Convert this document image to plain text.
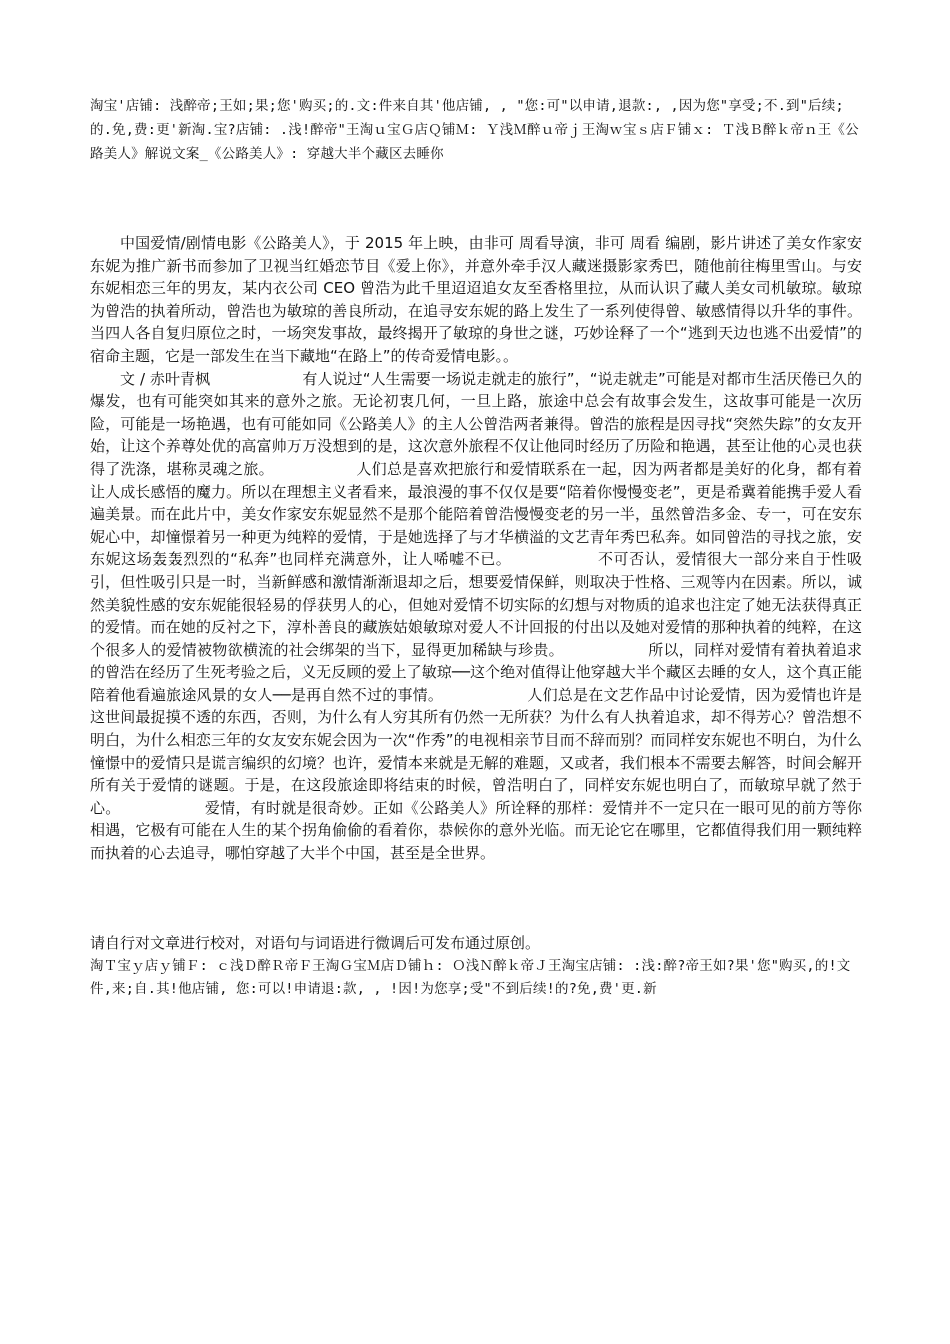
淘宝'店铺: 浅醉帝;王如;果;您'购买;的.文:件来自其'他店铺, , "您:可"以申请,退款:, ,因为您"享受;不.到"后续;的.免,费:更'新淘.宝?店铺: .浅!醉帝"王淘ｕ宝Ｇ店Ｑ铺Ｍ: Ｙ浅Ｍ醉ｕ帝ｊ王淘ｗ宝ｓ店Ｆ铺ｘ: Ｔ浅Ｂ醉ｋ帝ｎ王《公路美人》解说文案_《公路美人》: 穿越大半个藏区去睡你

中国爱情/剧情电影《公路美人》，于 2015 年上映，由非可 周看导演，非可 周看 编剧，影片讲述了美女作家安东妮为推广新书而参加了卫视当红婚恋节目《爱上你》，并意外牵手汉人藏迷摄影家秀巴，随他前往梅里雪山。与安东妮相恋三年的男友，某内衣公司 CEO 曾浩为此千里迢迢追女友至香格里拉，从而认识了藏人美女司机敏琼。敏琼为曾浩的执着所动，曾浩也为敏琼的善良所动，在追寻安东妮的路上发生了一系列使得曾、敏感情得以升华的事件。当四人各自复归原位之时，一场突发事故，最终揭开了敏琼的身世之谜，巧妙诠释了一个“逃到天边也逃不出爱情”的宿命主题，它是一部发生在当下藏地“在路上”的传奇爱情电影。。

文 / 赤叶青枫	有人说过“人生需要一场说走就走的旅行”，“说走就走”可能是对都市生活厌倦已久的爆发，也有可能突如其来的意外之旅。无论初衷几何，一旦上路，旅途中总会有故事会发生，这故事可能是一次历险，可能是一场艳遇，也有可能如同《公路美人》的主人公曾浩两者兼得。曾浩的旅程是因寻找“突然失踪”的女友开始，让这个养尊处优的高富帅万万没想到的是，这次意外旅程不仅让他同时经历了历险和艳遇，甚至让他的心灵也获得了洗涤，堪称灵魂之旅。	人们总是喜欢把旅行和爱情联系在一起，因为两者都是美好的化身，都有着让人成长感悟的魔力。所以在理想主义者看来，最浪漫的事不仅仅是要“陪着你慢慢变老”，更是希冀着能携手爱人看遍美景。而在此片中，美女作家安东妮显然不是那个能陪着曾浩慢慢变老的另一半，虽然曾浩多金、专一，可在安东妮心中，却憧憬着另一种更为纯粹的爱情，于是她选择了与才华横溢的文艺青年秀巴私奔。如同曾浩的寻找之旅，安东妮这场轰轰烈烈的“私奔”也同样充满意外，让人唏嘘不已。	不可否认，爱情很大一部分来自于性吸引，但性吸引只是一时，当新鲜感和激情渐渐退却之后，想要爱情保鲜，则取决于性格、三观等内在因素。所以，诚然美貌性感的安东妮能很轻易的俘获男人的心，但她对爱情不切实际的幻想与对物质的追求也注定了她无法获得真正的爱情。而在她的反衬之下，淳朴善良的藏族姑娘敏琼对爱人不计回报的付出以及她对爱情的那种执着的纯粹，在这个很多人的爱情被物欲横流的社会绑架的当下，显得更加稀缺与珍贵。	所以，同样对爱情有着执着追求的曾浩在经历了生死考验之后，义无反顾的爱上了敏琼──这个绝对值得让他穿越大半个藏区去睡的女人，这个真正能陪着他看遍旅途风景的女人──是再自然不过的事情。	人们总是在文艺作品中讨论爱情，因为爱情也许是这世间最捉摸不透的东西，否则，为什么有人穷其所有仍然一无所获？为什么有人执着追求，却不得芳心？曾浩想不明白，为什么相恋三年的女友安东妮会因为一次“作秀”的电视相亲节目而不辞而别？而同样安东妮也不明白，为什么憧憬中的爱情只是谎言编织的幻境？也许，爱情本来就是无解的难题，又或者，我们根本不需要去解答，时间会解开所有关于爱情的谜题。于是，在这段旅途即将结束的时候，曾浩明白了，同样安东妮也明白了，而敏琼早就了然于心。	爱情，有时就是很奇妙。正如《公路美人》所诠释的那样：爱情并不一定只在一眼可见的前方等你相遇，它极有可能在人生的某个拐角偷偷的看着你，恭候你的意外光临。而无论它在哪里，它都值得我们用一颗纯粹而执着的心去追寻，哪怕穿越了大半个中国，甚至是全世界。

请自行对文章进行校对，对语句与词语进行微调后可发布通过原创。
淘Ｔ宝ｙ店ｙ铺Ｆ: ｃ浅Ｄ醉Ｒ帝Ｆ王淘Ｇ宝Ｍ店Ｄ铺ｈ: Ｏ浅Ｎ醉ｋ帝Ｊ王淘宝店铺: :浅:醉?帝王如?果'您"购买,的!文件,来;自.其!他店铺, 您:可以!申请退:款, , !因!为您享;受"不到后续!的?免,费'更.新
